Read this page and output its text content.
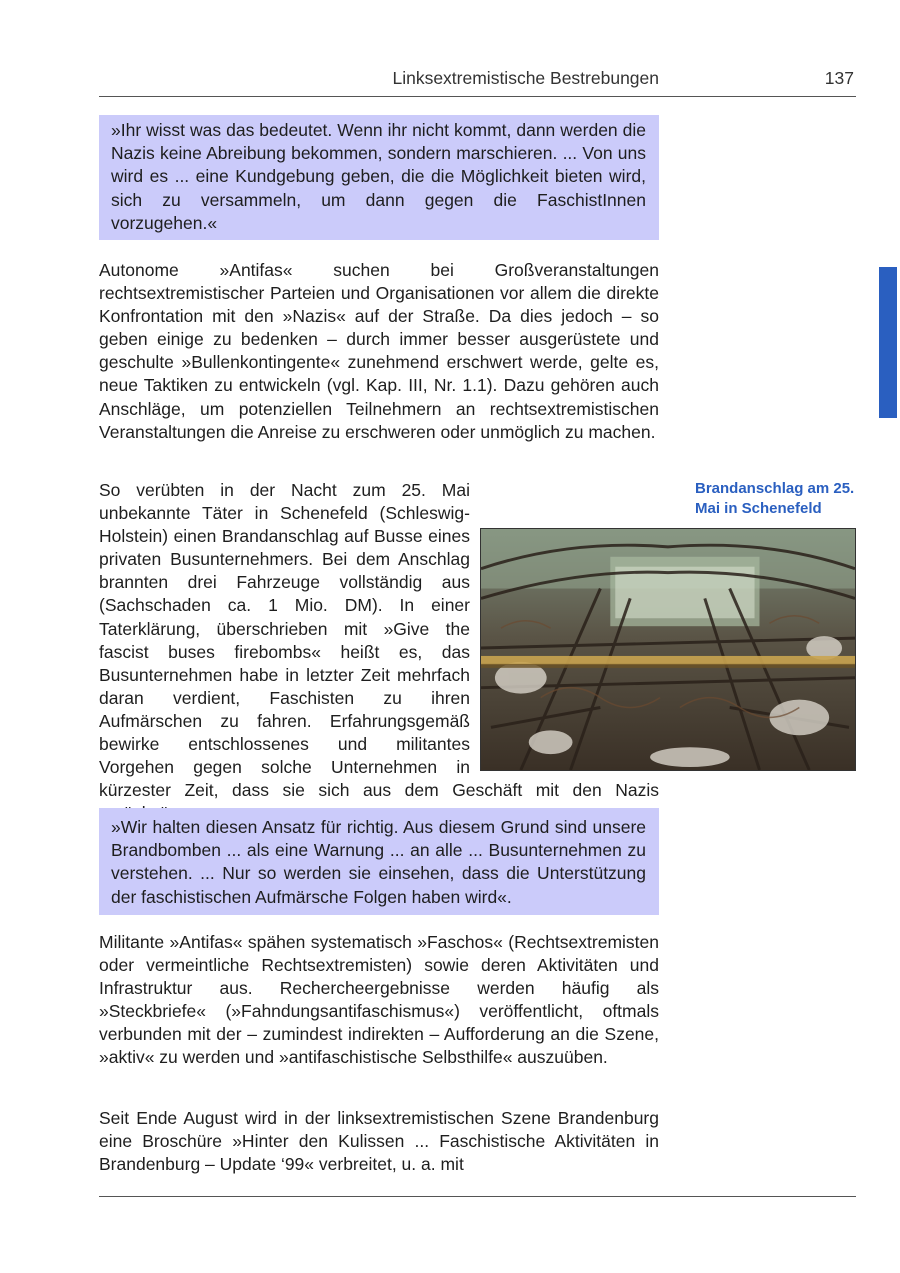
Linksextremistische Bestrebungen	137
»Ihr wisst was das bedeutet. Wenn ihr nicht kommt, dann werden die Nazis keine Abreibung bekommen, sondern marschieren. ... Von uns wird es ... eine Kundgebung geben, die die Möglichkeit bieten wird, sich zu versammeln, um dann gegen die FaschistInnen vorzugehen.«

Autonome »Antifas« suchen bei Großveranstaltungen rechtsextremistischer Parteien und Organisationen vor allem die direkte Konfrontation mit den »Nazis« auf der Straße. Da dies jedoch – so geben einige zu bedenken – durch immer besser ausgerüstete und geschulte »Bullenkontingente« zunehmend erschwert werde, gelte es, neue Taktiken zu entwickeln (vgl. Kap. III, Nr. 1.1). Dazu gehören auch Anschläge, um potenziellen Teilnehmern an rechtsextremistischen Veranstaltungen die Anreise zu erschweren oder unmöglich zu machen.

So verübten in der Nacht zum 25. Mai unbekannte Täter in Schenefeld (Schleswig-Holstein) einen Brandanschlag auf Busse eines privaten Busunternehmers. Bei dem Anschlag brannten drei Fahrzeuge vollständig aus (Sachschaden ca. 1 Mio. DM). In einer Taterklärung, überschrieben mit »Give the fascist buses firebombs« heißt es, das Busunternehmen habe in letzter Zeit mehrfach daran verdient, Faschisten zu ihren Aufmärschen zu fahren. Erfahrungsgemäß bewirke entschlossenes und militantes Vorgehen gegen solche Unternehmen in kürzester Zeit, dass sie sich aus dem Geschäft mit den Nazis
Brandanschlag am 25. Mai in Schenefeld
»Wir halten diesen Ansatz für richtig. Aus diesem Grund sind unsere Brandbomben ... als eine Warnung ... an alle ... Busunternehmen zu verstehen. ... Nur so werden sie einsehen, dass die Unterstützung der faschistischen Aufmärsche Folgen haben wird«.

Militante »Antifas« spähen systematisch »Faschos« (Rechtsextremisten oder vermeintliche Rechtsextremisten) sowie deren Aktivitäten und Infrastruktur aus. Rechercheergebnisse werden häufig als »Steckbriefe« (»Fahndungsantifaschismus«) veröffentlicht, oftmals verbunden mit der – zumindest indirekten – Aufforderung an die Szene, »aktiv« zu werden und »antifaschistische Selbsthilfe« auszuüben.

Seit Ende August wird in der linksextremistischen Szene Brandenburg eine Broschüre »Hinter den Kulissen ... Faschistische Aktivitäten in Brandenburg – Update ‘99« verbreitet, u. a. mit
